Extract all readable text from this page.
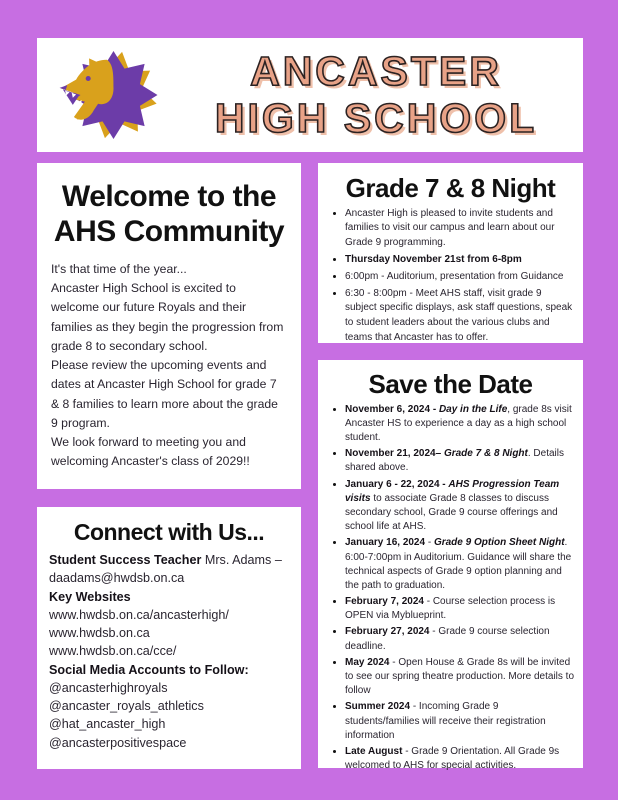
ANCASTER
HIGH SCHOOL
Welcome to the AHS Community
It's that time of the year...
Ancaster High School is excited to welcome our future Royals and their families as they begin the progression from grade 8 to secondary school.
Please review the upcoming events and dates at Ancaster High School for grade 7 & 8 families to learn more about the grade 9 program.
We look forward to meeting you and welcoming Ancaster's class of 2029!!
Connect with Us...
Student Success Teacher Mrs. Adams – daadams@hwdsb.on.ca
Key Websites
www.hwdsb.on.ca/ancasterhigh/
www.hwdsb.on.ca
www.hwdsb.on.ca/cce/
Social Media Accounts to Follow:
@ancasterhighroyals
@ancaster_royals_athletics
@hat_ancaster_high
@ancasterpositivespace
Grade 7 & 8 Night
• Ancaster High is pleased to invite students and families to visit our campus and learn about our Grade 9 programming.
• Thursday November 21st from 6-8pm
• 6:00pm - Auditorium, presentation from Guidance
• 6:30 - 8:00pm - Meet AHS staff, visit grade 9 subject specific displays, ask staff questions, speak to student leaders about the various clubs and teams that Ancaster has to offer.
Save the Date
• November 6, 2024 - Day in the Life, grade 8s visit Ancaster HS to experience a day as a high school student.
• November 21, 2024– Grade 7 & 8 Night. Details shared above.
• January 6 - 22, 2024 - AHS Progression Team visits to associate Grade 8 classes to discuss secondary school, Grade 9 course offerings and school life at AHS.
• January 16, 2024 - Grade 9 Option Sheet Night. 6:00-7:00pm in Auditorium. Guidance will share the technical aspects of Grade 9 option planning and the path to graduation.
• February 7, 2024 - Course selection process is OPEN via Myblueprint.
• February 27, 2024 - Grade 9 course selection deadline.
• May 2024 - Open House & Grade 8s will be invited to see our spring theatre production. More details to follow
• Summer 2024 - Incoming Grade 9 students/families will receive their registration information
• Late August - Grade 9 Orientation. All Grade 9s welcomed to AHS for special activities.
